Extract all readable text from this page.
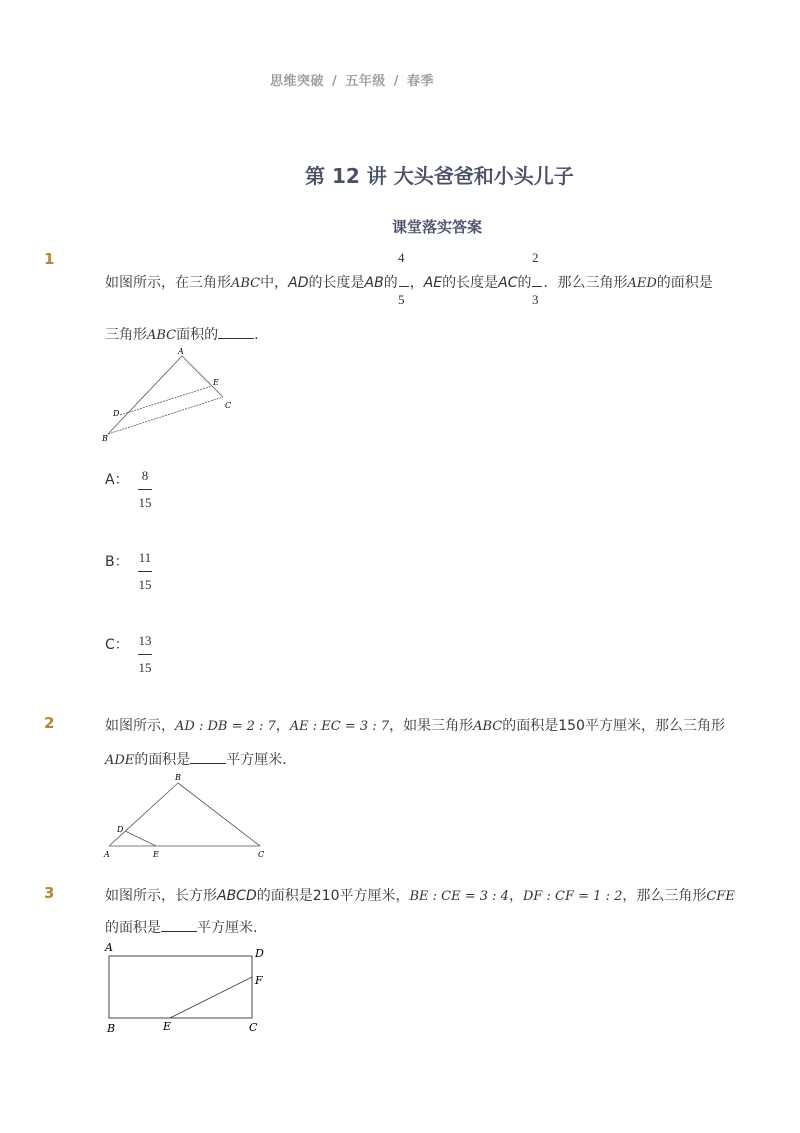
思维突破 / 五年级 / 春季
第 12 讲 大头爸爸和小头儿子
课堂落实答案
1	4
5
2
3
如图所示，在三角形ABC中，AD的长度是AB的 ，AE的长度是AC的 ．那么三角形AED的面积是
三角形ABC面积的	．
A
B
C
D
E
A：	8
15
B： 11
15
C： 13
15
2	如图所示，AD : DB = 2 : 7，AE : EC = 3 : 7，如果三角形ABC的面积是150平方厘米，那么三角形
ADE的面积是	平方厘米．
B
A	C
D
E
3	如图所示，长方形ABCD的面积是210平方厘米，BE : CE = 3 : 4，DF : CF = 1 : 2，那么三角形CFE
的面积是	平方厘米．
A	D
F
B	E	C
